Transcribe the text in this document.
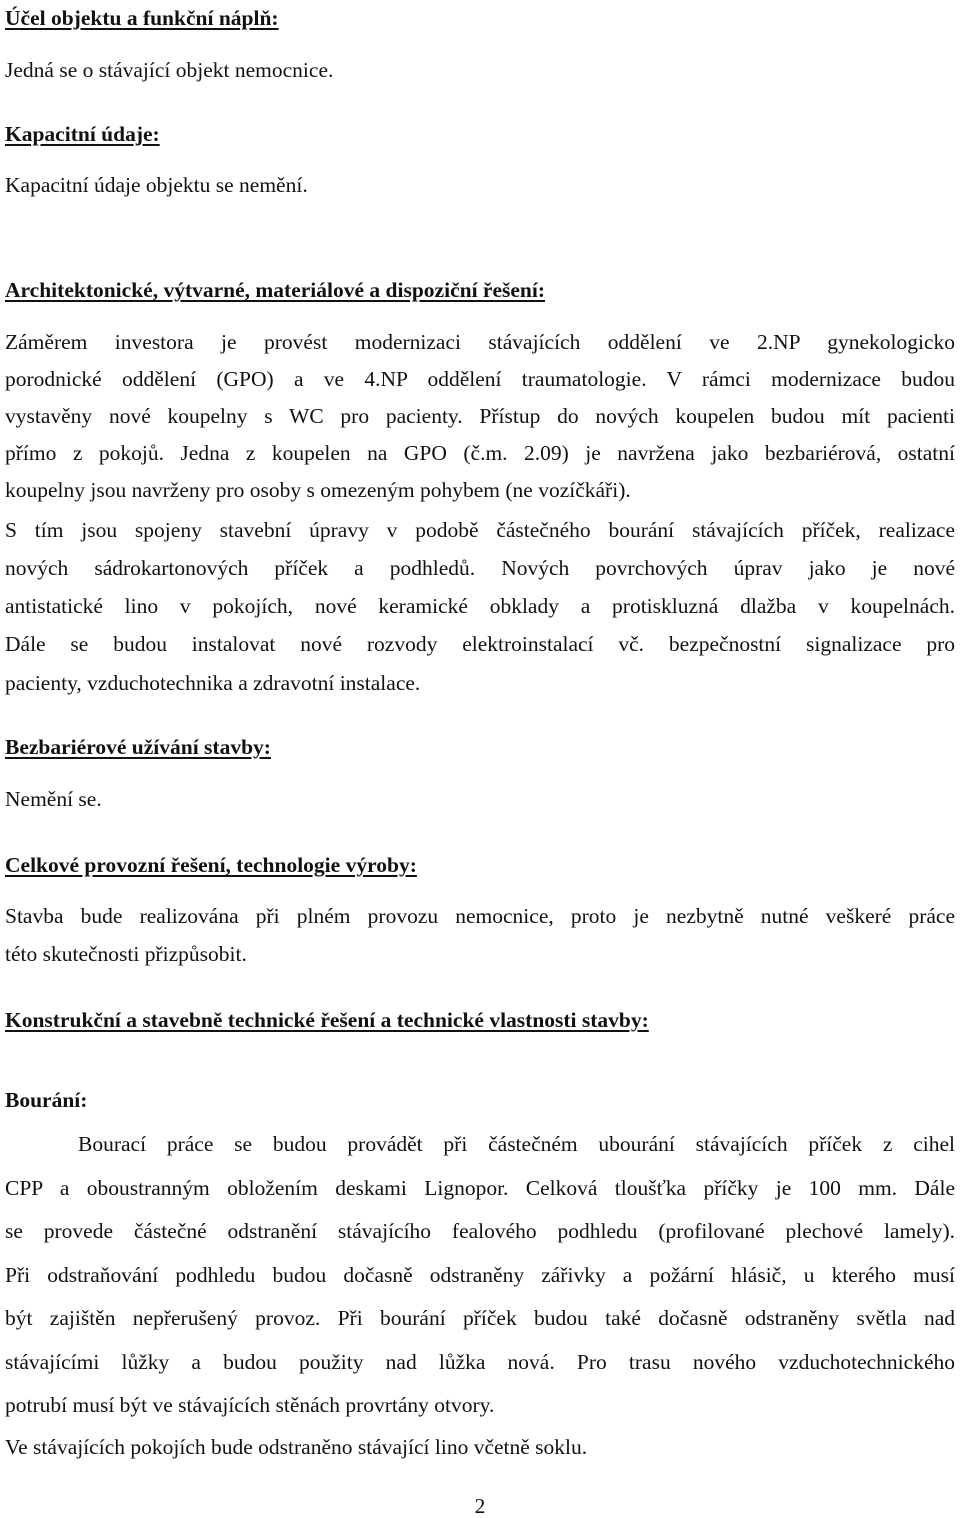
Účel objektu a funkční náplň:

Jedná se o stávající objekt nemocnice.

Kapacitní údaje:

Kapacitní údaje objektu se nemění.

Architektonické, výtvarné, materiálové a dispoziční řešení:

Záměrem investora je provést modernizaci stávajících oddělení ve 2.NP gynekologicko

porodnické oddělení (GPO) a ve 4.NP oddělení traumatologie. V rámci modernizace budou

vystavěny nové koupelny s WC pro pacienty. Přístup do nových koupelen budou mít pacienti

přímo z pokojů. Jedna z koupelen na GPO (č.m. 2.09) je navržena jako bezbariérová, ostatní

koupelny jsou navrženy pro osoby s omezeným pohybem (ne vozíčkáři).

S tím jsou spojeny stavební úpravy v podobě částečného bourání stávajících příček, realizace

nových sádrokartonových příček a podhledů. Nových povrchových úprav jako je nové

antistatické lino v pokojích, nové keramické obklady a protiskluzná dlažba v koupelnách.

Dále se budou instalovat nové rozvody elektroinstalací vč. bezpečnostní signalizace pro

pacienty, vzduchotechnika a zdravotní instalace.

Bezbariérové užívání stavby:

Nemění se.

Celkové provozní řešení, technologie výroby:

Stavba bude realizována při plném provozu nemocnice, proto je nezbytně nutné veškeré práce

této skutečnosti přizpůsobit.

Konstrukční a stavebně technické řešení a technické vlastnosti stavby:

Bourání:

Bourací práce se budou provádět při částečném ubourání stávajících příček z cihel

CPP a oboustranným obložením deskami Lignopor. Celková tloušťka příčky je 100 mm. Dále

se provede částečné odstranění stávajícího fealového podhledu (profilované plechové lamely).

Při odstraňování podhledu budou dočasně odstraněny zářivky a požární hlásič, u kterého musí

být zajištěn nepřerušený provoz. Při bourání příček budou také dočasně odstraněny světla nad

stávajícími lůžky a budou použity nad lůžka nová. Pro trasu nového vzduchotechnického

potrubí musí být ve stávajících stěnách provrtány otvory.

Ve stávajících pokojích bude odstraněno stávající lino včetně soklu.

2
